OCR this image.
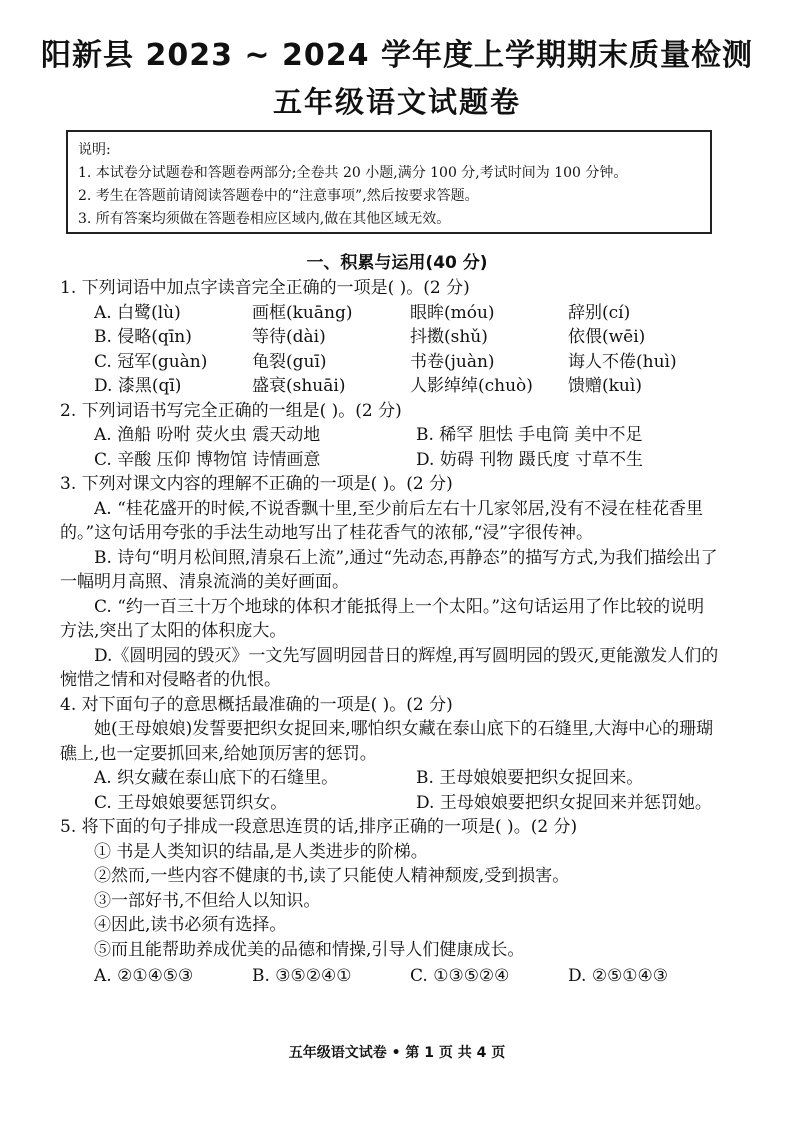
阳新县 2023 ~ 2024 学年度上学期期末质量检测
五年级语文试题卷
说明:
1. 本试卷分试题卷和答题卷两部分;全卷共 20 小题,满分 100 分,考试时间为 100 分钟。
2. 考生在答题前请阅读答题卷中的“注意事项”,然后按要求答题。
3. 所有答案均须做在答题卷相应区域内,做在其他区域无效。
一、积累与运用(40 分)
1. 下列词语中加点字读音完全正确的一项是( )。(2 分)
A. 白鹭(lù)	画框(kuāng)	眼眸(móu)	辞别(cí)
B. 侵略(qīn)	等待(dài)	抖擞(shǔ)	依偎(wēi)
C. 冠军(guàn)	龟裂(guī)	书卷(juàn)	诲人不倦(huì)
D. 漆黑(qī)	盛衰(shuāi)	人影绰绰(chuò)	馈赠(kuì)
2. 下列词语书写完全正确的一组是( )。(2 分)
A. 渔船 吩咐 荧火虫 震天动地	B. 稀罕 胆怯 手电筒 美中不足
C. 辛酸 压仰 博物馆 诗情画意	D. 妨碍 刊物 蹑氏度 寸草不生
3. 下列对课文内容的理解不正确的一项是( )。(2 分)
A. “桂花盛开的时候,不说香飘十里,至少前后左右十几家邻居,没有不浸在桂花香里的。”这句话用夸张的手法生动地写出了桂花香气的浓郁,“浸”字很传神。
B. 诗句“明月松间照,清泉石上流”,通过“先动态,再静态”的描写方式,为我们描绘出了一幅明月高照、清泉流淌的美好画面。
C. “约一百三十万个地球的体积才能抵得上一个太阳。”这句话运用了作比较的说明方法,突出了太阳的体积庞大。
D.《圆明园的毁灭》一文先写圆明园昔日的辉煌,再写圆明园的毁灭,更能激发人们的惋惜之情和对侵略者的仇恨。
4. 对下面句子的意思概括最准确的一项是( )。(2 分)
她(王母娘娘)发誓要把织女捉回来,哪怕织女藏在泰山底下的石缝里,大海中心的珊瑚礁上,也一定要抓回来,给她顶厉害的惩罚。
A. 织女藏在泰山底下的石缝里。	B. 王母娘娘要把织女捉回来。
C. 王母娘娘要惩罚织女。	D. 王母娘娘要把织女捉回来并惩罚她。
5. 将下面的句子排成一段意思连贯的话,排序正确的一项是( )。(2 分)
① 书是人类知识的结晶,是人类进步的阶梯。
②然而,一些内容不健康的书,读了只能使人精神颓废,受到损害。
③一部好书,不但给人以知识。
④因此,读书必须有选择。
⑤而且能帮助养成优美的品德和情操,引导人们健康成长。
A. ②①④⑤③	B. ③⑤②④①	C. ①③⑤②④	D. ②⑤①④③
五年级语文试卷 • 第 1 页 共 4 页
